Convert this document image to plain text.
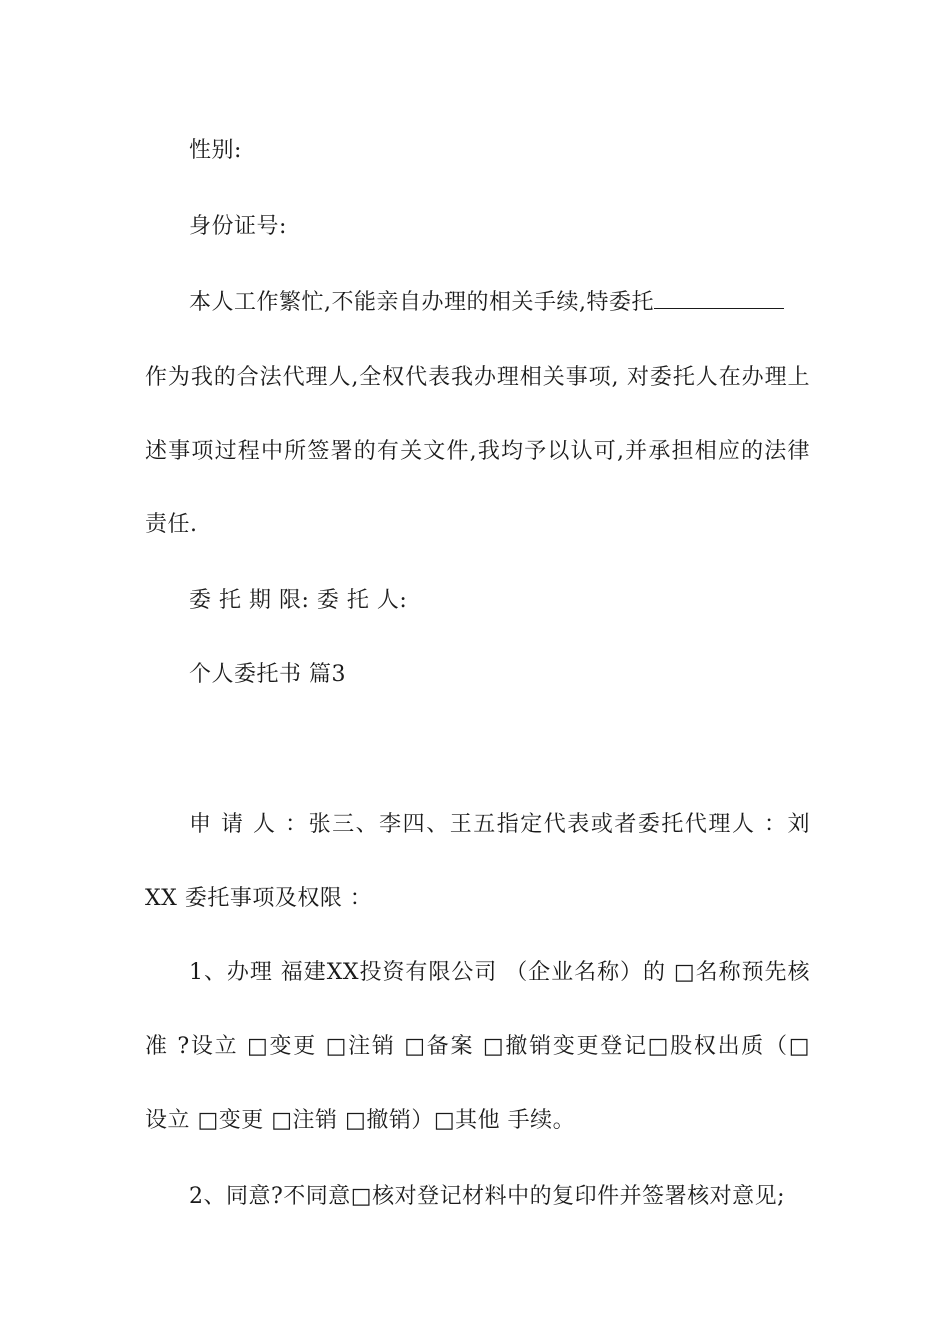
性别:
身份证号:
本人工作繁忙,不能亲自办理的相关手续,特委托
作为我的合法代理人,全权代表我办理相关事项, 对委托人在办理上
述事项过程中所签署的有关文件,我均予以认可,并承担相应的法律
责任.
委 托 期 限: 委 托 人:
个人委托书 篇3
申 请 人 ：张三、李四、王五指定代表或者委托代理人 ：刘
XX 委托事项及权限 ：
1、办理 福建XX投资有限公司 （企业名称）的 □名称预先核
准 ?设立 □变更 □注销 □备案 □撤销变更登记□股权出质（□
设立 □变更 □注销 □撤销）□其他 手续。
2、同意?不同意□核对登记材料中的复印件并签署核对意见;
